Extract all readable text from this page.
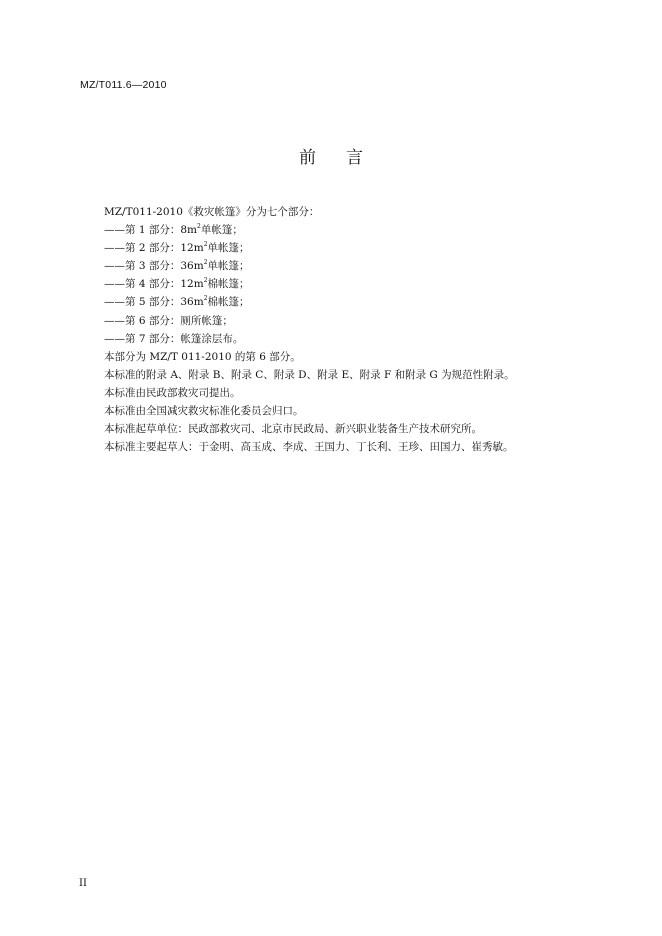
MZ/T011.6—2010
前 言
MZ/T011-2010《救灾帐篷》分为七个部分：
——第 1 部分：$8m^2$单帐篷；
——第 2 部分：$12m^2$单帐篷；
——第 3 部分：$36m^2$单帐篷；
——第 4 部分：$12m^2$棉帐篷；
——第 5 部分：$36m^2$棉帐篷；
——第 6 部分：厕所帐篷；
——第 7 部分：帐篷涂层布。
本部分为 MZ/T 011-2010 的第 6 部分。
本标准的附录 A、附录 B、附录 C、附录 D、附录 E、附录 F 和附录 G 为规范性附录。
本标准由民政部救灾司提出。
本标准由全国减灾救灾标准化委员会归口。
本标准起草单位：民政部救灾司、北京市民政局、新兴职业装备生产技术研究所。
本标准主要起草人：于金明、高玉成、李成、王国力、丁长利、王珍、田国力、崔秀敏。
II
